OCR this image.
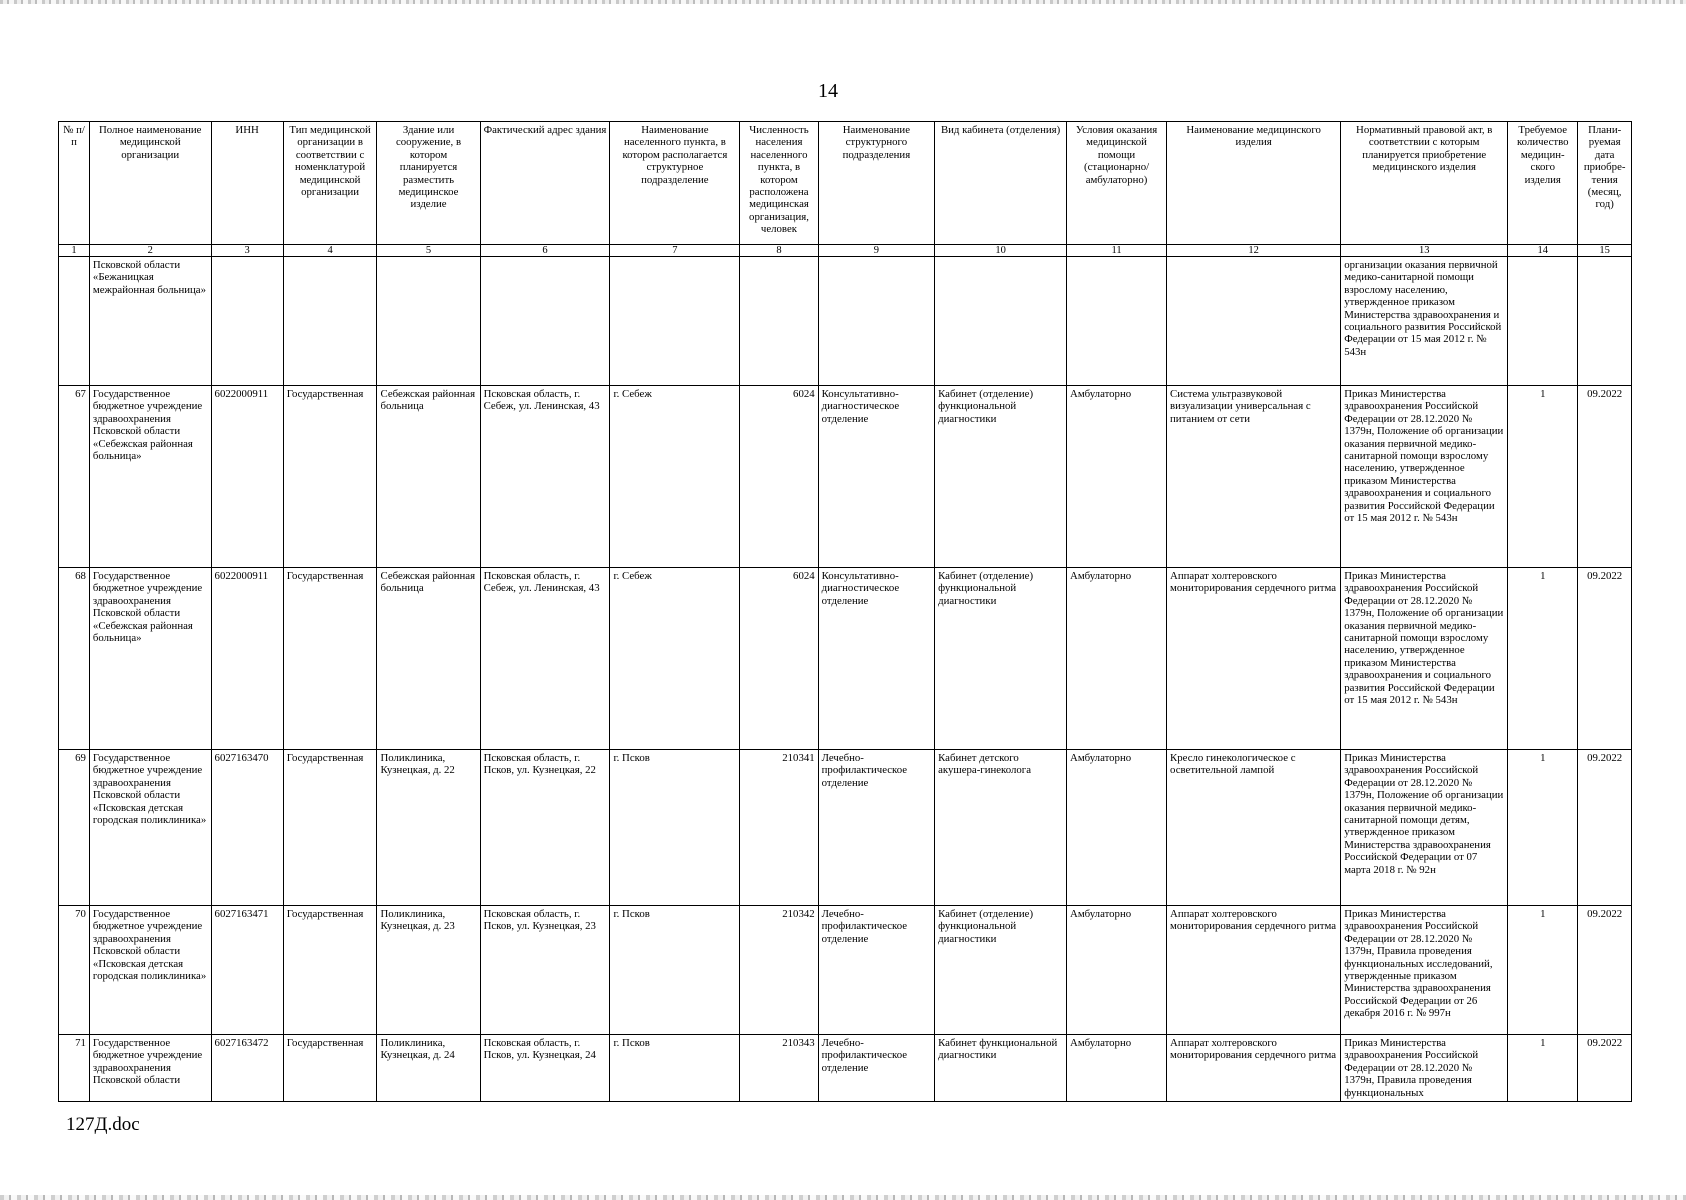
14
№ п/п	Полное наименование медицинской организации	ИНН	Тип медицинской организации в соответствии с номенклатурой медицинской организации	Здание или сооружение, в котором планируется разместить медицинское изделие	Фактический адрес здания	Наименование населенного пункта, в котором располагается структурное подразделение	Численность населения населенного пункта, в котором расположена медицинская организация, человек	Наименование структурного подразделения	Вид кабинета (отделения)	Условия оказания медицинской помощи (стационарно/ амбулаторно)	Наименование медицинского изделия	Нормативный правовой акт, в соответствии с которым планируется приобретение медицинского изделия	Требуемое количество медицин-ского изделия	Плани-руемая дата приобре-тения (месяц, год)
1	2	3	4	5	6	7	8	9	10	11	12	13	14	15
	Псковской области «Бежаницкая межрайонная больница»											организации оказания первичной медико-санитарной помощи взрослому населению, утвержденное приказом Министерства здравоохранения и социального развития Российской Федерации от 15 мая 2012 г. № 543н		
67	Государственное бюджетное учреждение здравоохранения Псковской области «Себежская районная больница»	6022000911	Государственная	Себежская районная больница	Псковская область, г. Себеж, ул. Ленинская, 43	г. Себеж	6024	Консультативно-диагностическое отделение	Кабинет (отделение) функциональной диагностики	Амбулаторно	Система ультразвуковой визуализации универсальная с питанием от сети	Приказ Министерства здравоохранения Российской Федерации от 28.12.2020 № 1379н, Положение об организации оказания первичной медико-санитарной помощи взрослому населению, утвержденное приказом Министерства здравоохранения и социального развития Российской Федерации от 15 мая 2012 г. № 543н	1	09.2022
68	Государственное бюджетное учреждение здравоохранения Псковской области «Себежская районная больница»	6022000911	Государственная	Себежская районная больница	Псковская область, г. Себеж, ул. Ленинская, 43	г. Себеж	6024	Консультативно-диагностическое отделение	Кабинет (отделение) функциональной диагностики	Амбулаторно	Аппарат холтеровского мониторирования сердечного ритма	Приказ Министерства здравоохранения Российской Федерации от 28.12.2020 № 1379н, Положение об организации оказания первичной медико-санитарной помощи взрослому населению, утвержденное приказом Министерства здравоохранения и социального развития Российской Федерации от 15 мая 2012 г. № 543н	1	09.2022
69	Государственное бюджетное учреждение здравоохранения Псковской области «Псковская детская городская поликлиника»	6027163470	Государственная	Поликлиника, Кузнецкая, д. 22	Псковская область, г. Псков, ул. Кузнецкая, 22	г. Псков	210341	Лечебно-профилактическое отделение	Кабинет детского акушера-гинеколога	Амбулаторно	Кресло гинекологическое с осветительной лампой	Приказ Министерства здравоохранения Российской Федерации от 28.12.2020 № 1379н, Положение об организации оказания первичной медико-санитарной помощи детям, утвержденное приказом Министерства здравоохранения Российской Федерации от 07 марта 2018 г. № 92н	1	09.2022
70	Государственное бюджетное учреждение здравоохранения Псковской области «Псковская детская городская поликлиника»	6027163471	Государственная	Поликлиника, Кузнецкая, д. 23	Псковская область, г. Псков, ул. Кузнецкая, 23	г. Псков	210342	Лечебно-профилактическое отделение	Кабинет (отделение) функциональной диагностики	Амбулаторно	Аппарат холтеровского мониторирования сердечного ритма	Приказ Министерства здравоохранения Российской Федерации от 28.12.2020 № 1379н, Правила проведения функциональных исследований, утвержденные приказом Министерства здравоохранения Российской Федерации от 26 декабря 2016 г. № 997н	1	09.2022
71	Государственное бюджетное учреждение здравоохранения Псковской области	6027163472	Государственная	Поликлиника, Кузнецкая, д. 24	Псковская область, г. Псков, ул. Кузнецкая, 24	г. Псков	210343	Лечебно-профилактическое отделение	Кабинет функциональной диагностики	Амбулаторно	Аппарат холтеровского мониторирования сердечного ритма	Приказ Министерства здравоохранения Российской Федерации от 28.12.2020 № 1379н, Правила проведения функциональных	1	09.2022
127Д.doc
